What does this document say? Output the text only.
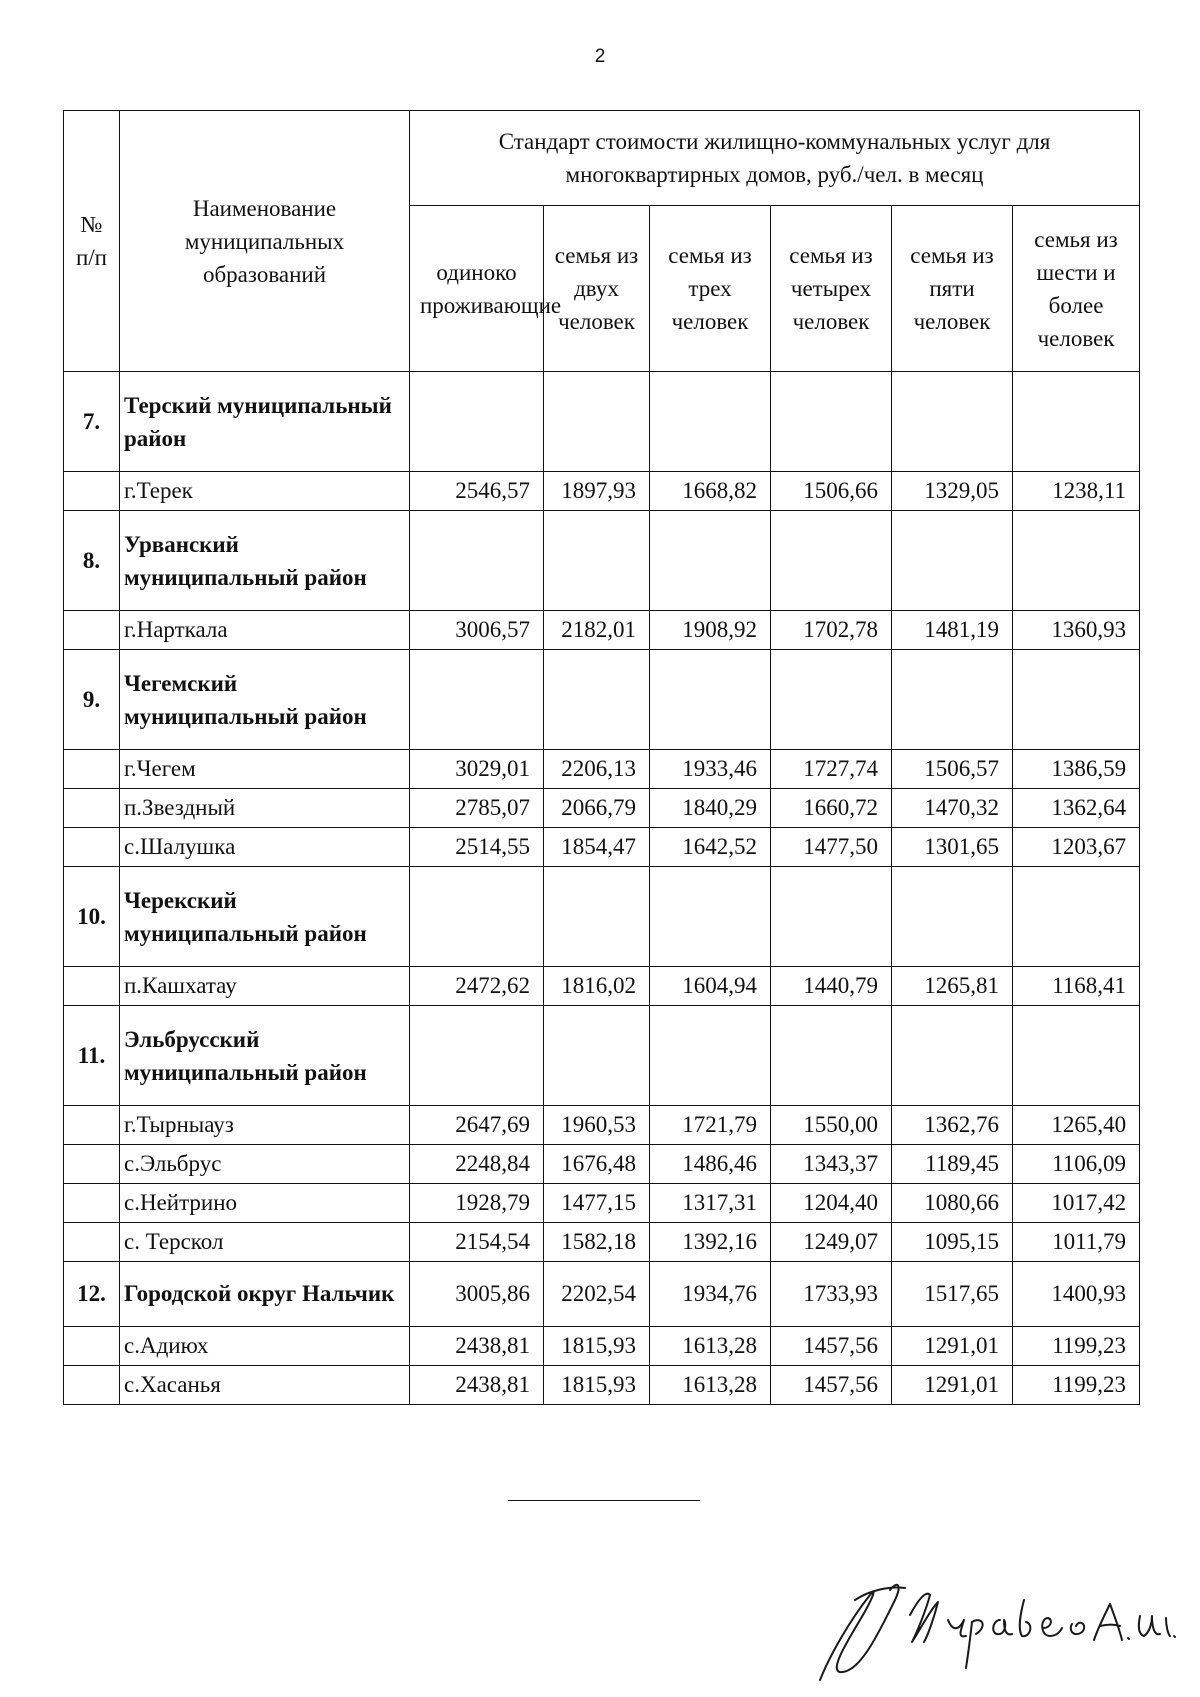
2
№ п/п	Наименование муниципальных образований	Стандарт стоимости жилищно-коммунальных услуг для многоквартирных домов, руб./чел. в месяц					
		одиноко проживающие	семья из двух человек	семья из трех человек	семья из четырех человек	семья из пяти человек	семья из шести и более человек
7.	Терский муниципальный район						
	г.Терек	2546,57	1897,93	1668,82	1506,66	1329,05	1238,11
8.	Урванский муниципальный район						
	г.Нарткала	3006,57	2182,01	1908,92	1702,78	1481,19	1360,93
9.	Чегемский муниципальный район						
	г.Чегем	3029,01	2206,13	1933,46	1727,74	1506,57	1386,59
	п.Звездный	2785,07	2066,79	1840,29	1660,72	1470,32	1362,64
	с.Шалушка	2514,55	1854,47	1642,52	1477,50	1301,65	1203,67
10.	Черекский муниципальный район						
	п.Кашхатау	2472,62	1816,02	1604,94	1440,79	1265,81	1168,41
11.	Эльбрусский муниципальный район						
	г.Тырныауз	2647,69	1960,53	1721,79	1550,00	1362,76	1265,40
	с.Эльбрус	2248,84	1676,48	1486,46	1343,37	1189,45	1106,09
	с.Нейтрино	1928,79	1477,15	1317,31	1204,40	1080,66	1017,42
	с. Терскол	2154,54	1582,18	1392,16	1249,07	1095,15	1011,79
12.	Городской округ Нальчик	3005,86	2202,54	1934,76	1733,93	1517,65	1400,93
	с.Адиюх	2438,81	1815,93	1613,28	1457,56	1291,01	1199,23
	с.Хасанья	2438,81	1815,93	1613,28	1457,56	1291,01	1199,23
